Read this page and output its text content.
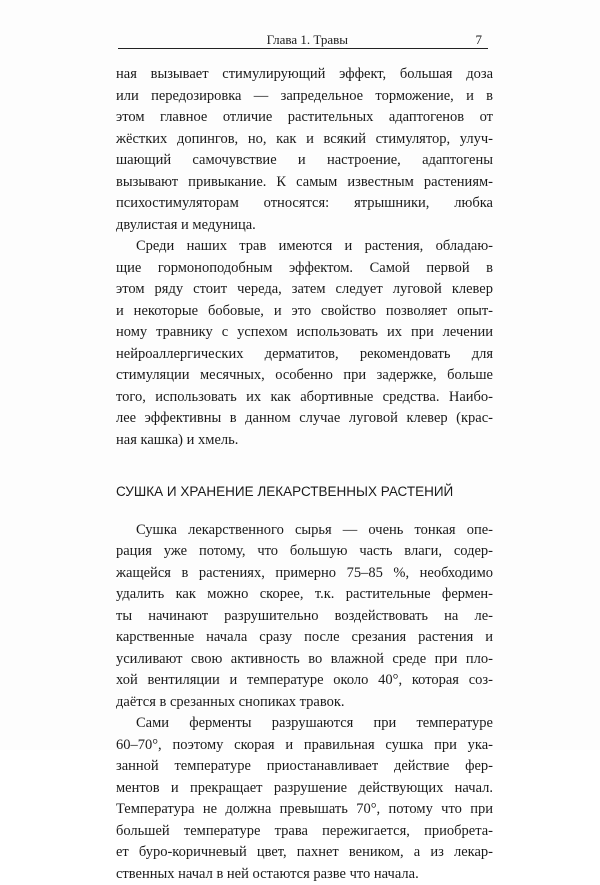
Глава 1. Травы	7

ная вызывает стимулирующий эффект, большая доза
или передозировка — запредельное торможение, и в
этом главное отличие растительных адаптогенов от
жёстких допингов, но, как и всякий стимулятор, улуч-
шающий самочувствие и настроение, адаптогены
вызывают привыкание. К самым известным растениям-
психостимуляторам относятся: ятрышники, любка
двулистая и медуница.

Среди наших трав имеются и растения, обладаю-
щие гормоноподобным эффектом. Самой первой в
этом ряду стоит череда, затем следует луговой клевер
и некоторые бобовые, и это свойство позволяет опыт-
ному травнику с успехом использовать их при лечении
нейроаллергических дерматитов, рекомендовать для
стимуляции месячных, особенно при задержке, больше
того, использовать их как абортивные средства. Наибо-
лее эффективны в данном случае луговой клевер (крас-
ная кашка) и хмель.

СУШКА И ХРАНЕНИЕ ЛЕКАРСТВЕННЫХ РАСТЕНИЙ

Сушка лекарственного сырья — очень тонкая опе-
рация уже потому, что большую часть влаги, содер-
жащейся в растениях, примерно 75–85 %, необходимо
удалить как можно скорее, т.к. растительные фермен-
ты начинают разрушительно воздействовать на ле-
карственные начала сразу после срезания растения и
усиливают свою активность во влажной среде при пло-
хой вентиляции и температуре около 40°, которая соз-
даётся в срезанных снопиках травок.

Сами ферменты разрушаются при температуре
60–70°, поэтому скорая и правильная сушка при ука-
занной температуре приостанавливает действие фер-
ментов и прекращает разрушение действующих начал.
Температура не должна превышать 70°, потому что при
большей температуре трава пережигается, приобрета-
ет буро-коричневый цвет, пахнет веником, а из лекар-
ственных начал в ней остаются разве что начала.
